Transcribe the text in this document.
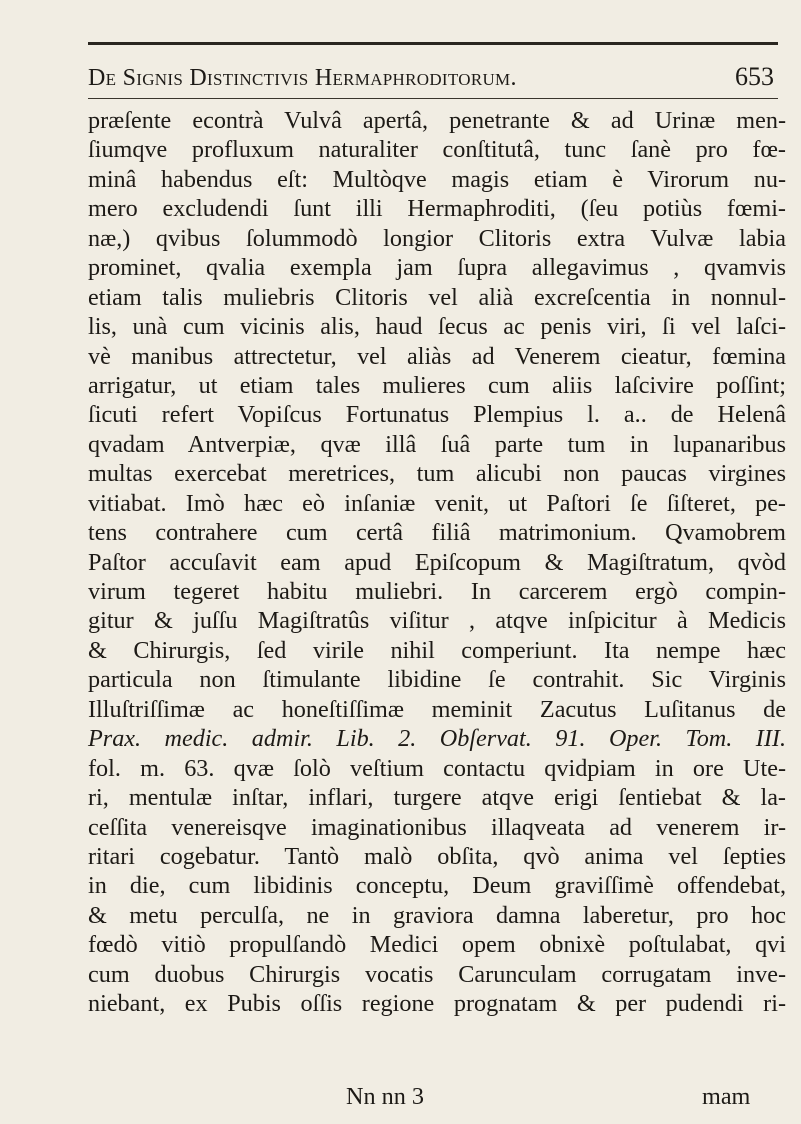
De Signis Distinctivis Hermaphroditorum.	653
præſente econtrà Vulvâ apertâ, penetrante & ad Urinæ men-
ſiumqve profluxum naturaliter conſtitutâ, tunc ſanè pro fœ-
minâ habendus eſt: Multòqve magis etiam è Virorum nu-
mero excludendi ſunt illi Hermaphroditi, (ſeu potiùs fœmi-
næ,) qvibus ſolummodò longior Clitoris extra Vulvæ labia
prominet, qvalia exempla jam ſupra allegavimus , qvamvis
etiam talis muliebris Clitoris vel alià excreſcentia in nonnul-
lis, unà cum vicinis alis, haud ſecus ac penis viri, ſi vel laſci-
vè manibus attrectetur, vel aliàs ad Venerem cieatur, fœmina
arrigatur, ut etiam tales mulieres cum aliis laſcivire poſſint;
ſicuti refert Vopiſcus Fortunatus Plempius l. a.. de Helenâ
qvadam Antverpiæ, qvæ illâ ſuâ parte tum in lupanaribus
multas exercebat meretrices, tum alicubi non paucas virgines
vitiabat. Imò hæc eò inſaniæ venit, ut Paſtori ſe ſiſteret, pe-
tens contrahere cum certâ filiâ matrimonium. Qvamobrem
Paſtor accuſavit eam apud Epiſcopum & Magiſtratum, qvòd
virum tegeret habitu muliebri. In carcerem ergò compin-
gitur & juſſu Magiſtratûs viſitur , atqve inſpicitur à Medicis
& Chirurgis, ſed virile nihil comperiunt. Ita nempe hæc
particula non ſtimulante libidine ſe contrahit. Sic Virginis
Illuſtriſſimæ ac honeſtiſſimæ meminit Zacutus Luſitanus de
Prax. medic. admir. Lib. 2. Obſervat. 91. Oper. Tom. III.
fol. m. 63. qvæ ſolò veſtium contactu qvidpiam in ore Ute-
ri, mentulæ inſtar, inflari, turgere atqve erigi ſentiebat & la-
ceſſita venereisqve imaginationibus illaqveata ad venerem ir-
ritari cogebatur. Tantò malò obſita, qvò anima vel ſepties
in die, cum libidinis conceptu, Deum graviſſimè offendebat,
& metu perculſa, ne in graviora damna laberetur, pro hoc
fœdò vitiò propulſandò Medici opem obnixè poſtulabat, qvi
cum duobus Chirurgis vocatis Carunculam corrugatam inve-
niebant, ex Pubis oſſis regione prognatam & per pudendi ri-
Nn nn 3	mam
